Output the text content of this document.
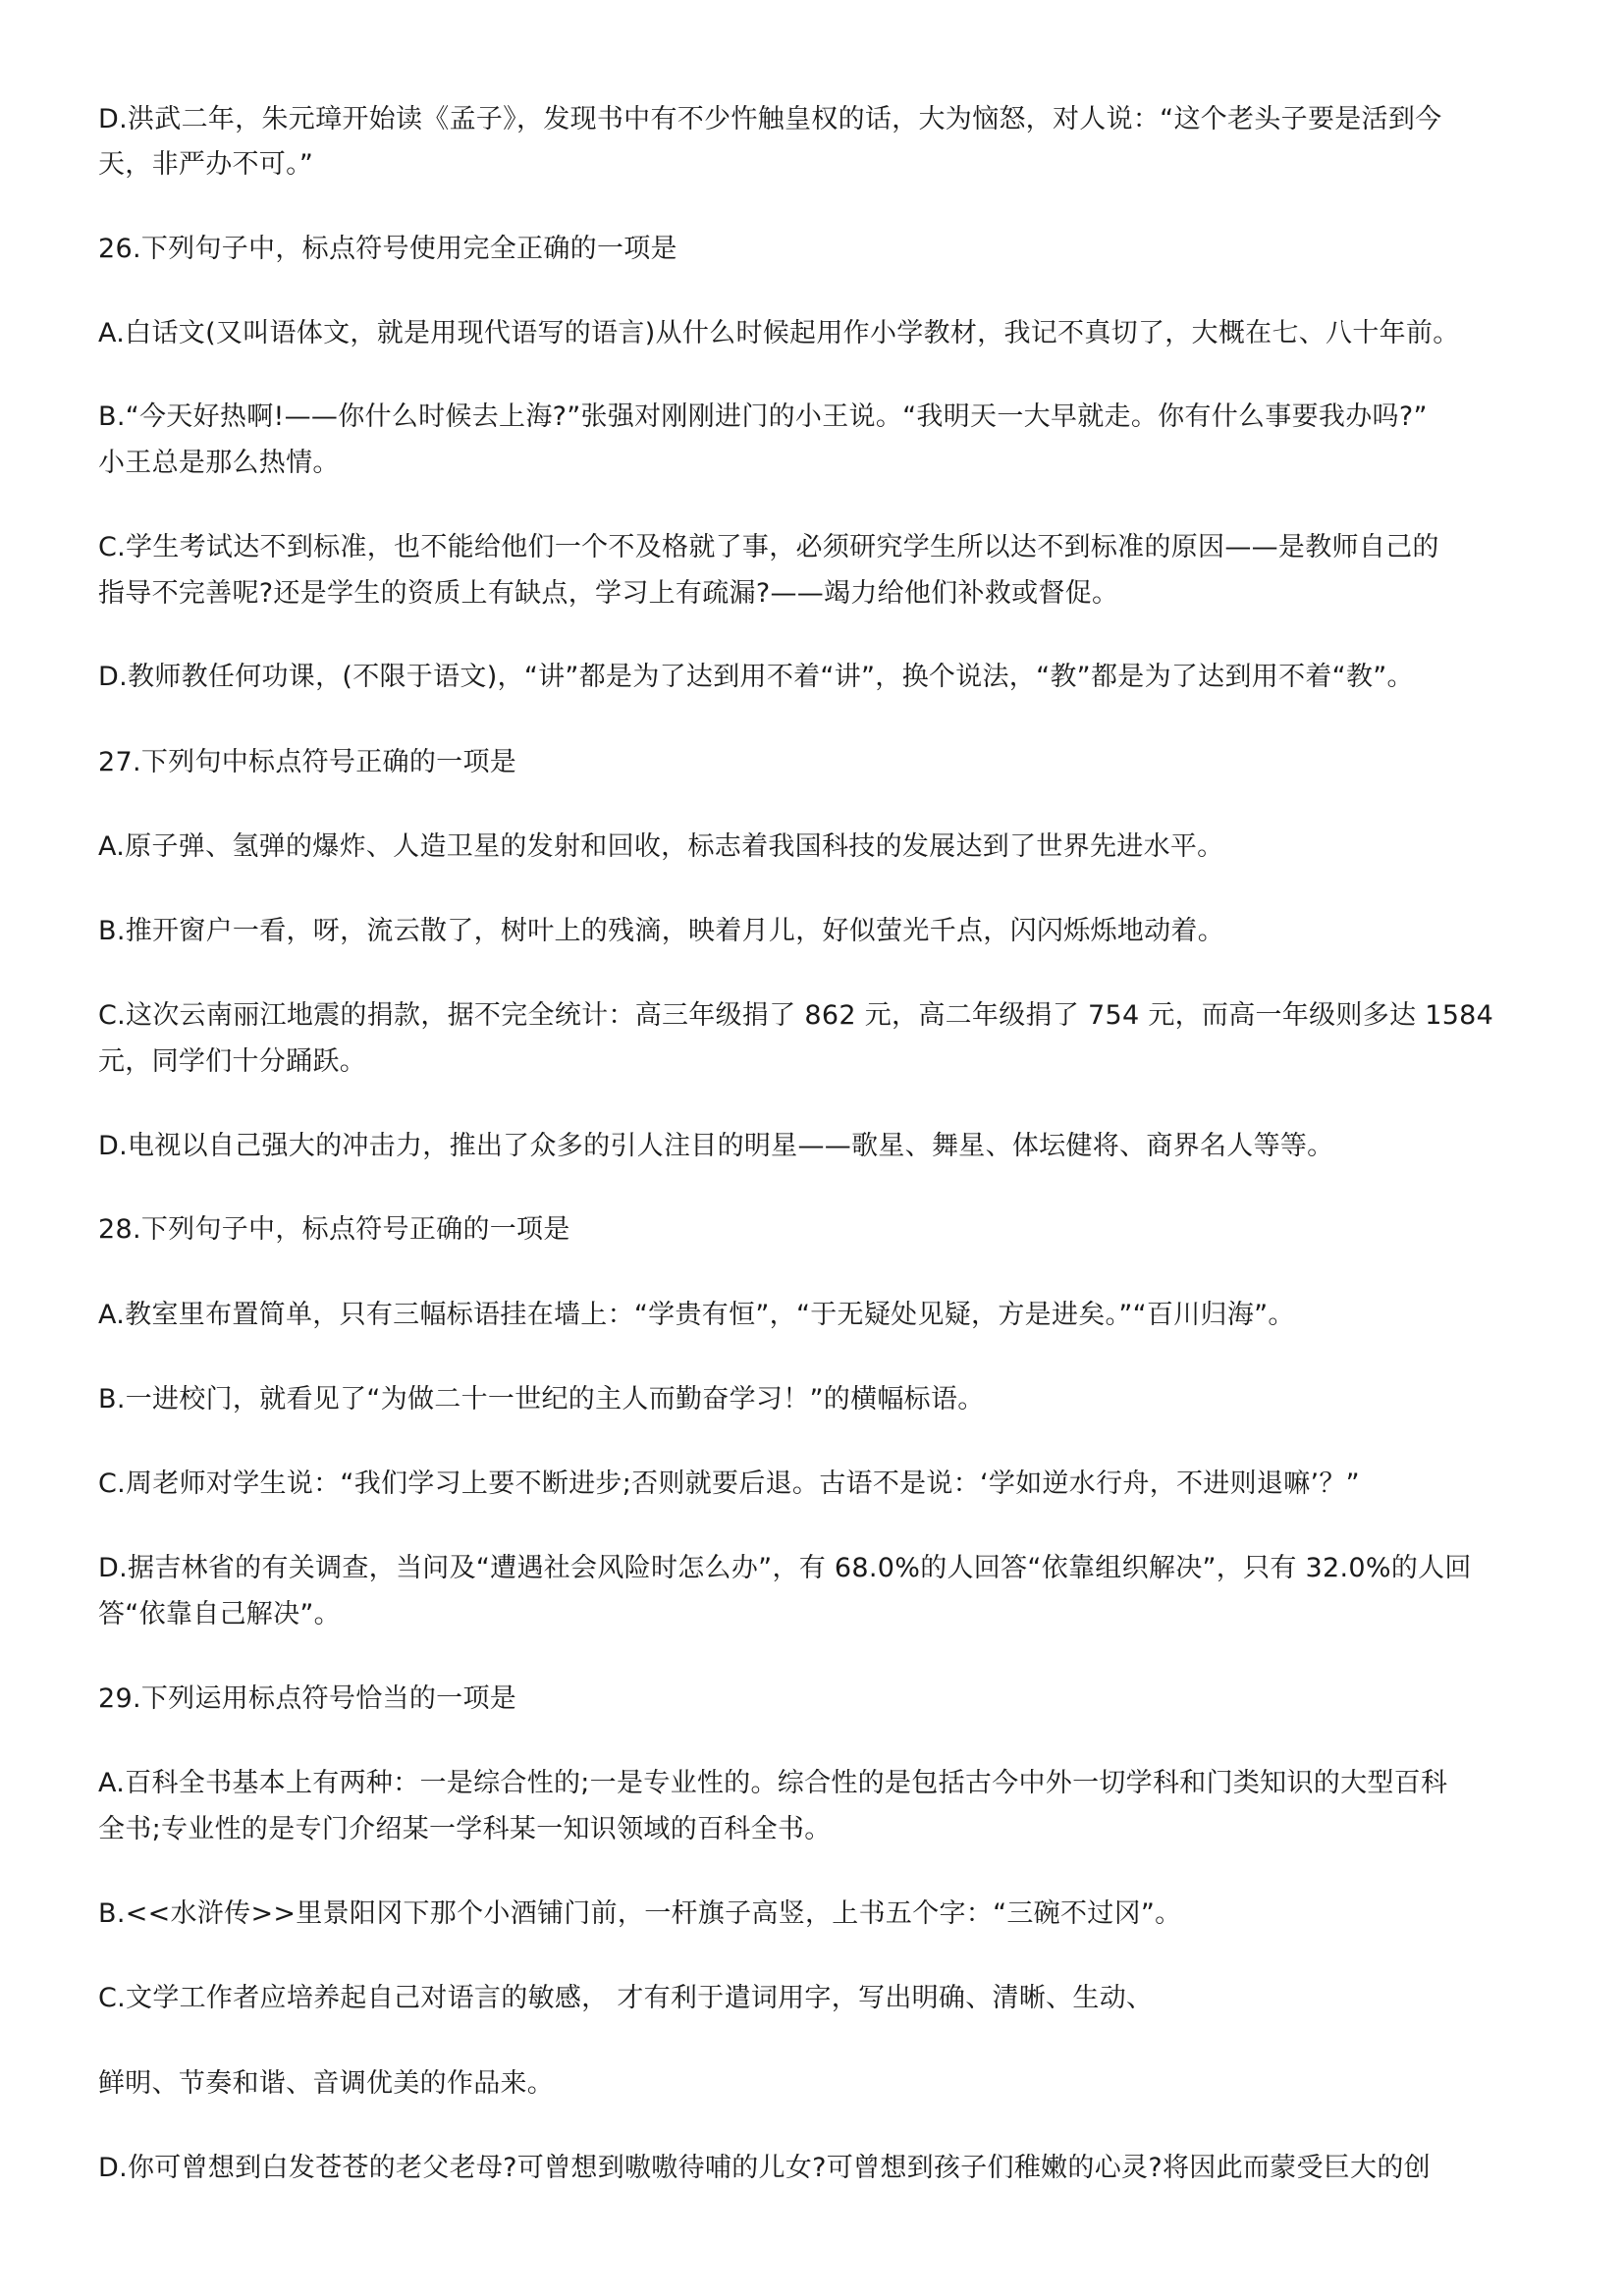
D.洪武二年，朱元璋开始读《孟子》，发现书中有不少忤触皇权的话，大为恼怒，对人说：“这个老头子要是活到今
天，非严办不可。”
26.下列句子中，标点符号使用完全正确的一项是
A.白话文(又叫语体文，就是用现代语写的语言)从什么时候起用作小学教材，我记不真切了，大概在七、八十年前。
B.“今天好热啊!——你什么时候去上海?”张强对刚刚进门的小王说。“我明天一大早就走。你有什么事要我办吗?”
小王总是那么热情。
C.学生考试达不到标准，也不能给他们一个不及格就了事，必须研究学生所以达不到标准的原因——是教师自己的
指导不完善呢?还是学生的资质上有缺点，学习上有疏漏?——竭力给他们补救或督促。
D.教师教任何功课，(不限于语文)，“讲”都是为了达到用不着“讲”，换个说法，“教”都是为了达到用不着“教”。
27.下列句中标点符号正确的一项是
A.原子弹、氢弹的爆炸、人造卫星的发射和回收，标志着我国科技的发展达到了世界先进水平。
B.推开窗户一看，呀，流云散了，树叶上的残滴，映着月儿，好似萤光千点，闪闪烁烁地动着。
C.这次云南丽江地震的捐款，据不完全统计：高三年级捐了 862 元，高二年级捐了 754 元，而高一年级则多达 1584
元，同学们十分踊跃。
D.电视以自己强大的冲击力，推出了众多的引人注目的明星——歌星、舞星、体坛健将、商界名人等等。
28.下列句子中，标点符号正确的一项是
A.教室里布置简单，只有三幅标语挂在墙上：“学贵有恒”，“于无疑处见疑，方是进矣。”“百川归海”。
B.一进校门，就看见了“为做二十一世纪的主人而勤奋学习！”的横幅标语。
C.周老师对学生说：“我们学习上要不断进步;否则就要后退。古语不是说：‘学如逆水行舟，不进则退嘛’？”
D.据吉林省的有关调查，当问及“遭遇社会风险时怎么办”，有 68.0%的人回答“依靠组织解决”，只有 32.0%的人回
答“依靠自己解决”。
29.下列运用标点符号恰当的一项是
A.百科全书基本上有两种：一是综合性的;一是专业性的。综合性的是包括古今中外一切学科和门类知识的大型百科
全书;专业性的是专门介绍某一学科某一知识领域的百科全书。
B.<<水浒传>>里景阳冈下那个小酒铺门前，一杆旗子高竖，上书五个字：“三碗不过冈”。
C.文学工作者应培养起自己对语言的敏感， 才有利于遣词用字，写出明确、清晰、生动、
鲜明、节奏和谐、音调优美的作品来。
D.你可曾想到白发苍苍的老父老母?可曾想到嗷嗷待哺的儿女?可曾想到孩子们稚嫩的心灵?将因此而蒙受巨大的创
